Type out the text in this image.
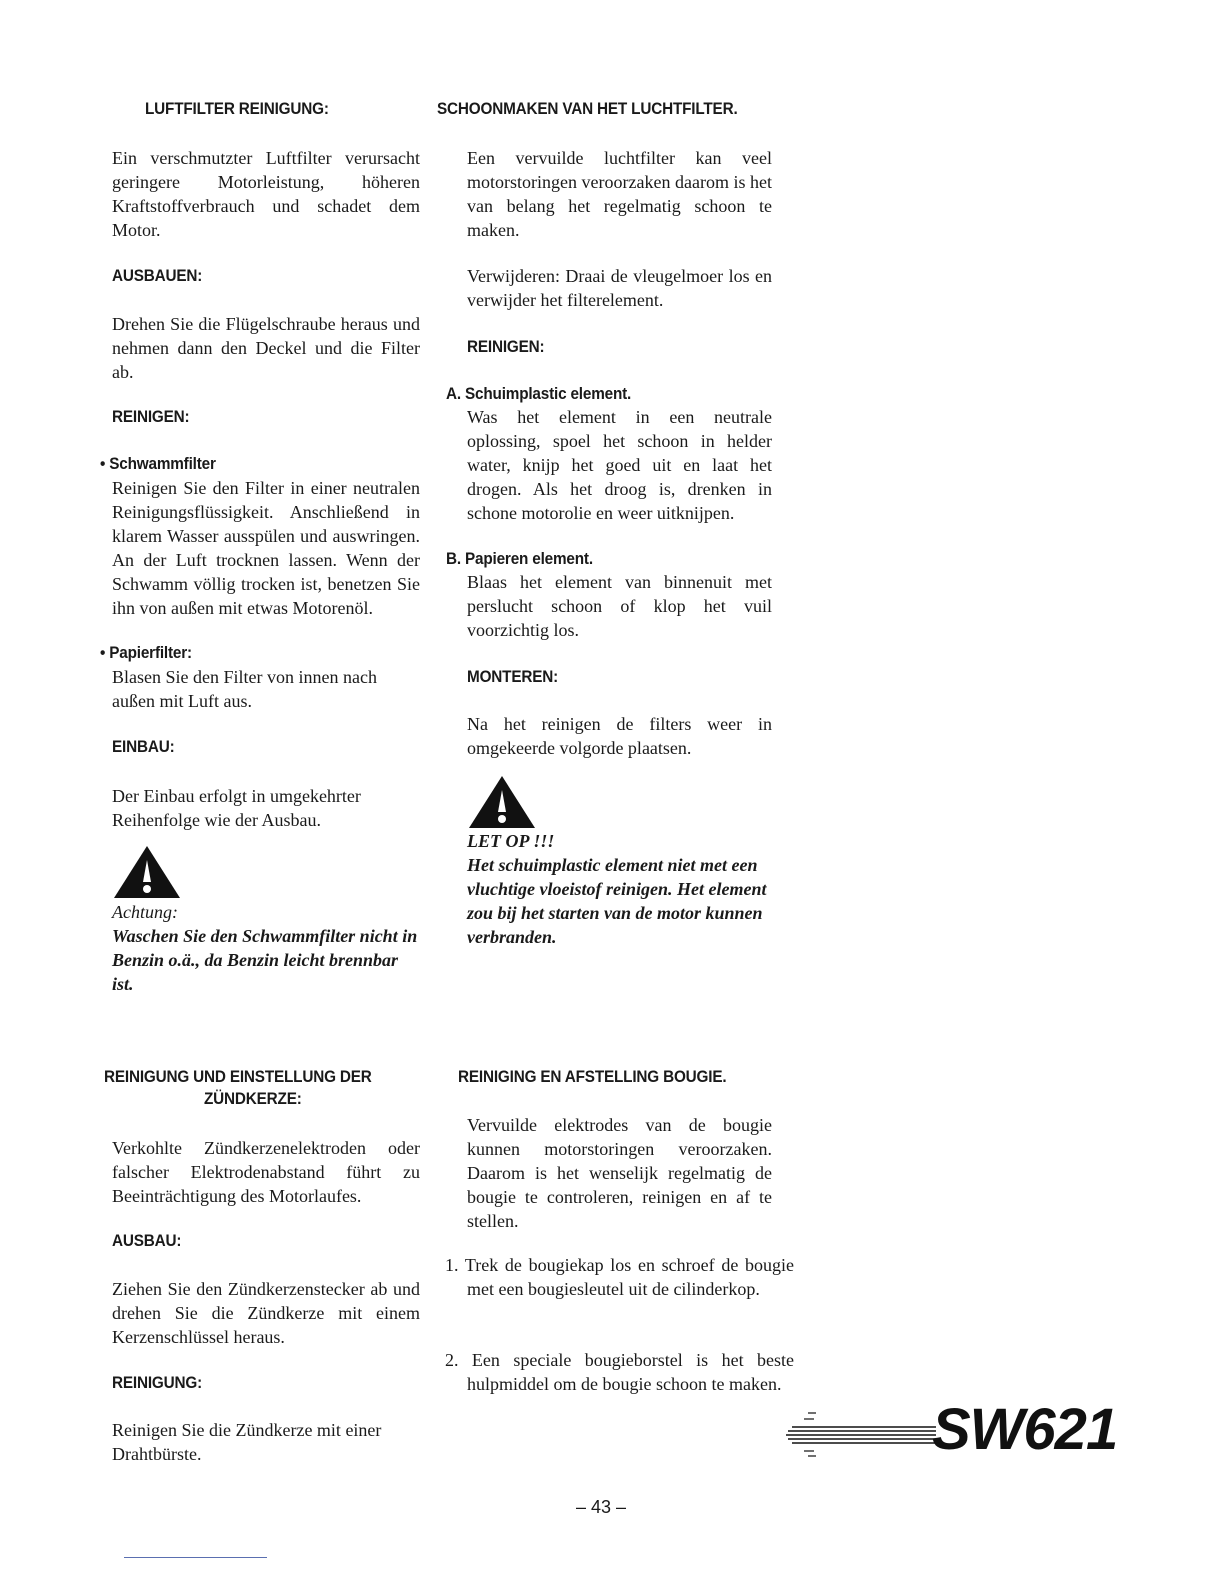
LUFTFILTER REINIGUNG:

Ein verschmutzter Luftfilter verursacht geringere Motorleistung, höheren Kraftstoffverbrauch und schadet dem Motor.

AUSBAUEN:

Drehen Sie die Flügelschraube heraus und nehmen dann den Deckel und die Filter ab.

REINIGEN:
• Schwammfilter

Reinigen Sie den Filter in einer neutralen Reinigungsflüssigkeit. Anschließend in klarem Wasser ausspülen und auswringen. An der Luft trocknen lassen. Wenn der Schwamm völlig trocken ist, benetzen Sie ihn von außen mit etwas Motorenöl.

• Papierfilter:

Blasen Sie den Filter von innen nach außen mit Luft aus.

EINBAU:

Der Einbau erfolgt in umgekehrter Reihenfolge wie der Ausbau.

Achtung:

Waschen Sie den Schwammfilter nicht in Benzin o.ä., da Benzin leicht brennbar ist.

REINIGUNG UND EINSTELLUNG DER
ZÜNDKERZE:

Verkohlte Zündkerzenelektroden oder falscher Elektrodenabstand führt zu Beeinträchtigung des Motorlaufes.

AUSBAU:

Ziehen Sie den Zündkerzenstecker ab und drehen Sie die Zündkerze mit einem Kerzenschlüssel heraus.

REINIGUNG:

Reinigen Sie die Zündkerze mit einer Drahtbürste.

SCHOONMAKEN VAN HET LUCHTFILTER.

Een vervuilde luchtfilter kan veel motorstoringen veroorzaken daarom is het van belang het regelmatig schoon te maken.

Verwijderen: Draai de vleugelmoer los en verwijder het filterelement.

REINIGEN:
A. Schuimplastic element.

Was het element in een neutrale oplossing, spoel het schoon in helder water, knijp het goed uit en laat het drogen. Als het droog is, drenken in schone motorolie en weer uitknijpen.

B. Papieren element.

Blaas het element van binnenuit met perslucht schoon of klop het vuil voorzichtig los.

MONTEREN:

Na het reinigen de filters weer in omgekeerde volgorde plaatsen.

LET OP !!!

Het schuimplastic element niet met een vluchtige vloeistof reinigen. Het element zou bij het starten van de motor kunnen verbranden.

REINIGING EN AFSTELLING BOUGIE.

Vervuilde elektrodes van de bougie kunnen motorstoringen veroorzaken. Daarom is het wenselijk regelmatig de bougie te controleren, reinigen en af te stellen.

1. Trek de bougiekap los en schroef de bougie met een bougiesleutel uit de cilinderkop.

2. Een speciale bougieborstel is het beste hulpmiddel om de bougie schoon te maken.

SW621
– 43 –
